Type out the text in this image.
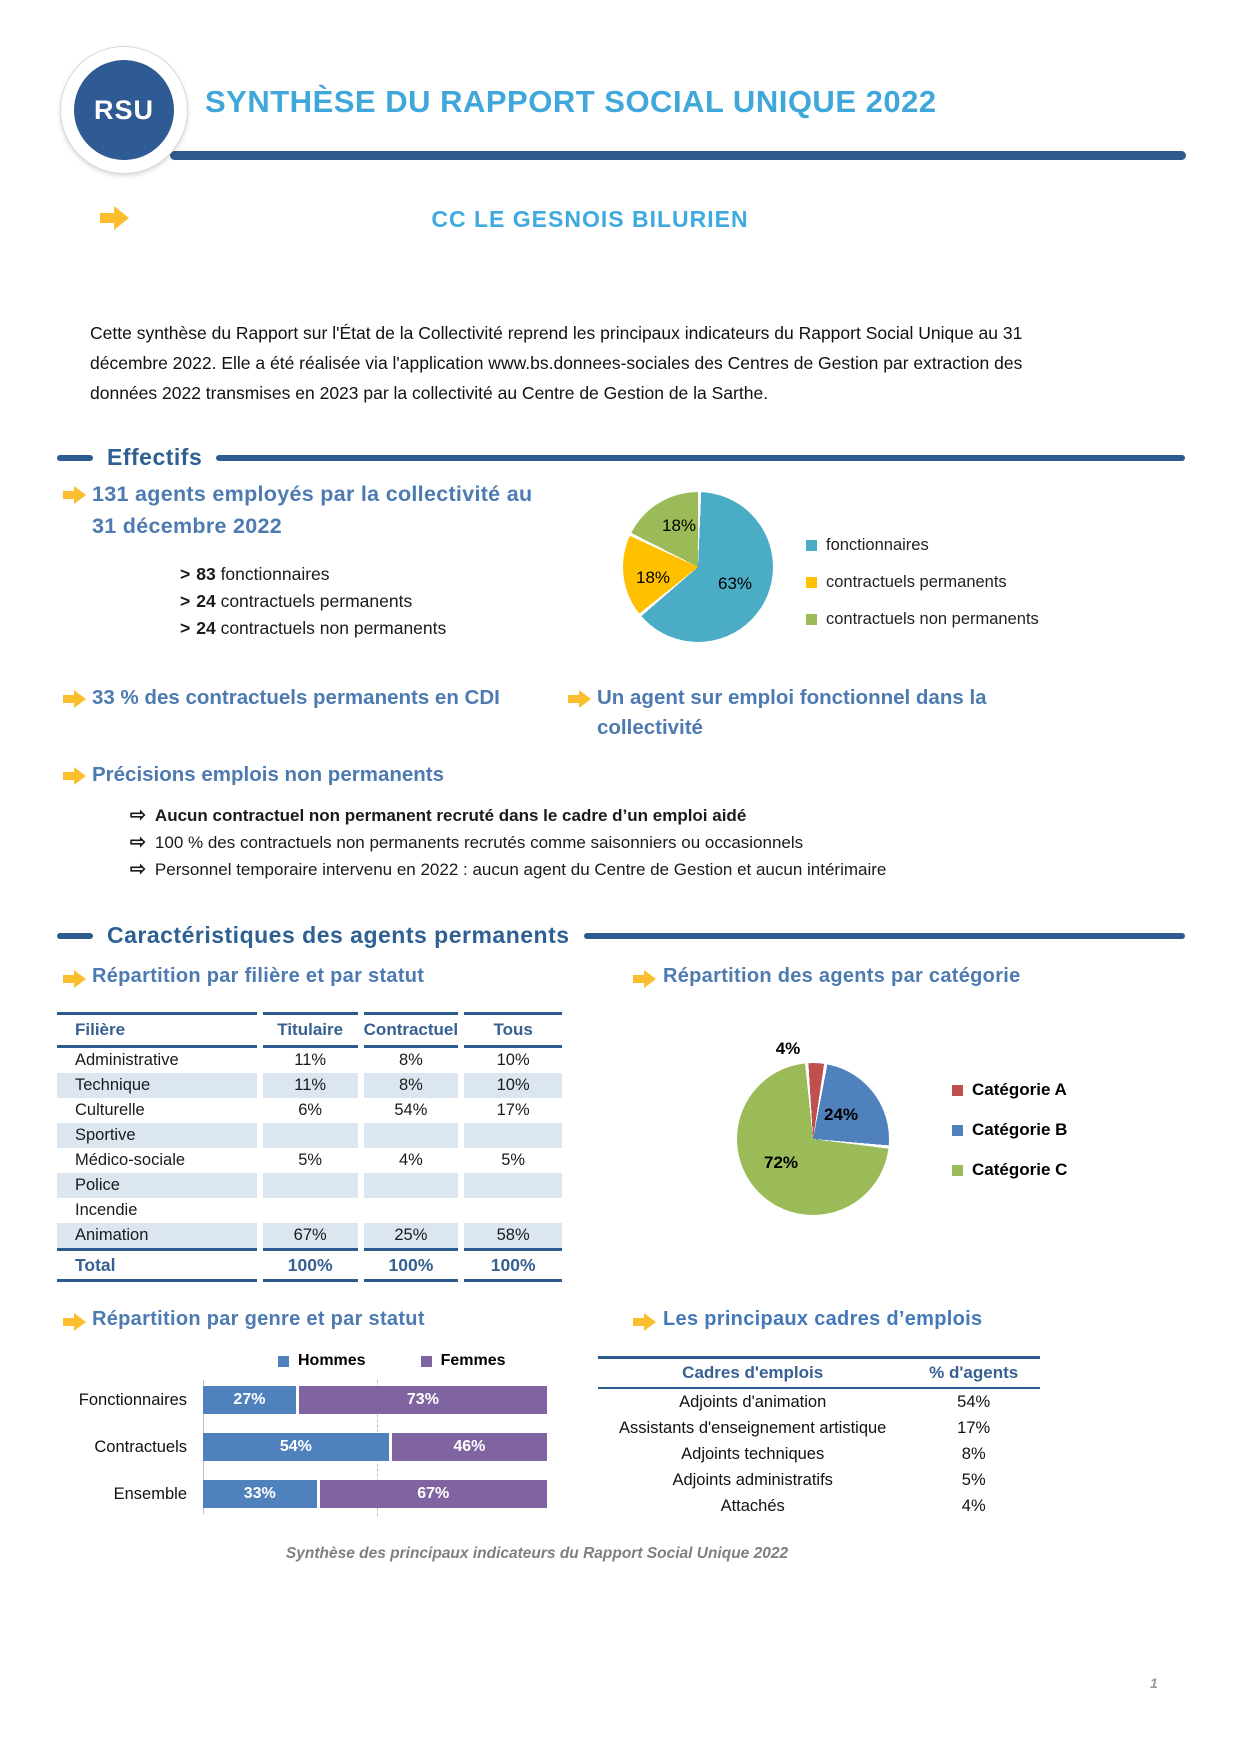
RSU	SYNTHÈSE DU RAPPORT SOCIAL UNIQUE 2022
CC LE GESNOIS BILURIEN

Cette synthèse du Rapport sur l'État de la Collectivité reprend les principaux indicateurs du Rapport Social Unique au 31 décembre 2022. Elle a été réalisée via l'application www.bs.donnees-sociales des Centres de Gestion par extraction des données 2022 transmises en 2023 par la collectivité au Centre de Gestion de la Sarthe.

Effectifs
131 agents employés par la collectivité au 31 décembre 2022
> 83 fonctionnaires
> 24 contractuels permanents
> 24 contractuels non permanents
63%
18%
18%
fonctionnaires
contractuels permanents
contractuels non permanents
33 % des contractuels permanents en CDI	Un agent sur emploi fonctionnel dans la collectivité
Précisions emplois non permanents
⇨ Aucun contractuel non permanent recruté dans le cadre d’un emploi aidé
⇨ 100 % des contractuels non permanents recrutés comme saisonniers ou occasionnels
⇨ Personnel temporaire intervenu en 2022 : aucun agent du Centre de Gestion et aucun intérimaire
Caractéristiques des agents permanents
Répartition par filière et par statut	Répartition des agents par catégorie
Filière	Titulaire	Contractuel	Tous
Administrative	11%	8%	10%
Technique	11%	8%	10%
Culturelle	6%	54%	17%
Sportive			
Médico-sociale	5%	4%	5%
Police			
Incendie			
Animation	67%	25%	58%
Total	100%	100%	100%
4%
24%
72%
Catégorie A
Catégorie B
Catégorie C
Répartition par genre et par statut
Hommes	Femmes
Fonctionnaires	27%	73%
Contractuels	54%	46%
Ensemble	33%	67%
Les principaux cadres d’emplois
Cadres d'emplois	% d'agents
Adjoints d'animation	54%
Assistants d'enseignement artistique	17%
Adjoints techniques	8%
Adjoints administratifs	5%
Attachés	4%
Synthèse des principaux indicateurs du Rapport Social Unique 2022
1
